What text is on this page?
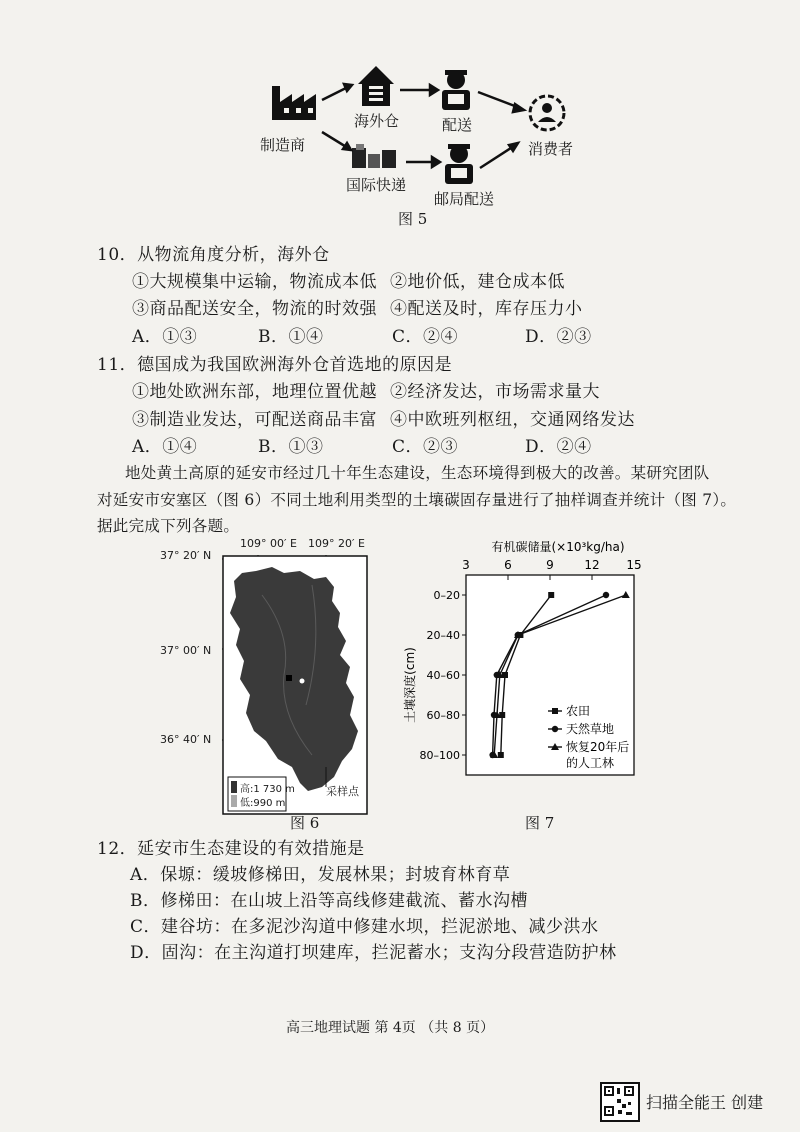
制造商
海外仓	配送
消费者
国际快递
邮局配送
图 5
10．从物流角度分析，海外仓
①大规模集中运输，物流成本低 ②地价低，建仓成本低
③商品配送安全，物流的时效强 ④配送及时，库存压力小
A．①③	B．①④	C．②④	D．②③
11．德国成为我国欧洲海外仓首选地的原因是
①地处欧洲东部，地理位置优越 ②经济发达，市场需求量大
③制造业发达，可配送商品丰富 ④中欧班列枢纽，交通网络发达
A．①④	B．①③	C．②③	D．②④
地处黄土高原的延安市经过几十年生态建设，生态环境得到极大的改善。某研究团队
对延安市安塞区（图 6）不同土地利用类型的土壤碳固存量进行了抽样调查并统计（图 7）。
据此完成下列各题。
109° 00′ E 109° 20′ E
37° 20′ N
37° 00′ N
36° 40′ N
高:1 730 m
低:990 m
采样点
图 6
有机碳储量(×10³kg/ha)
土壤深度(cm)
3	6	9	12 15
0–20
20–40
40–60
60–80
80–100
农田
天然草地
恢复20年后
的人工林
图 7
12．延安市生态建设的有效措施是
A．保塬：缓坡修梯田，发展林果；封坡育林育草
B．修梯田：在山坡上沿等高线修建截流、蓄水沟槽
C．建谷坊：在多泥沙沟道中修建水坝，拦泥淤地、减少洪水
D．固沟：在主沟道打坝建库，拦泥蓄水；支沟分段营造防护林
高三地理试题 第 4页 （共 8 页）
扫描全能王 创建
